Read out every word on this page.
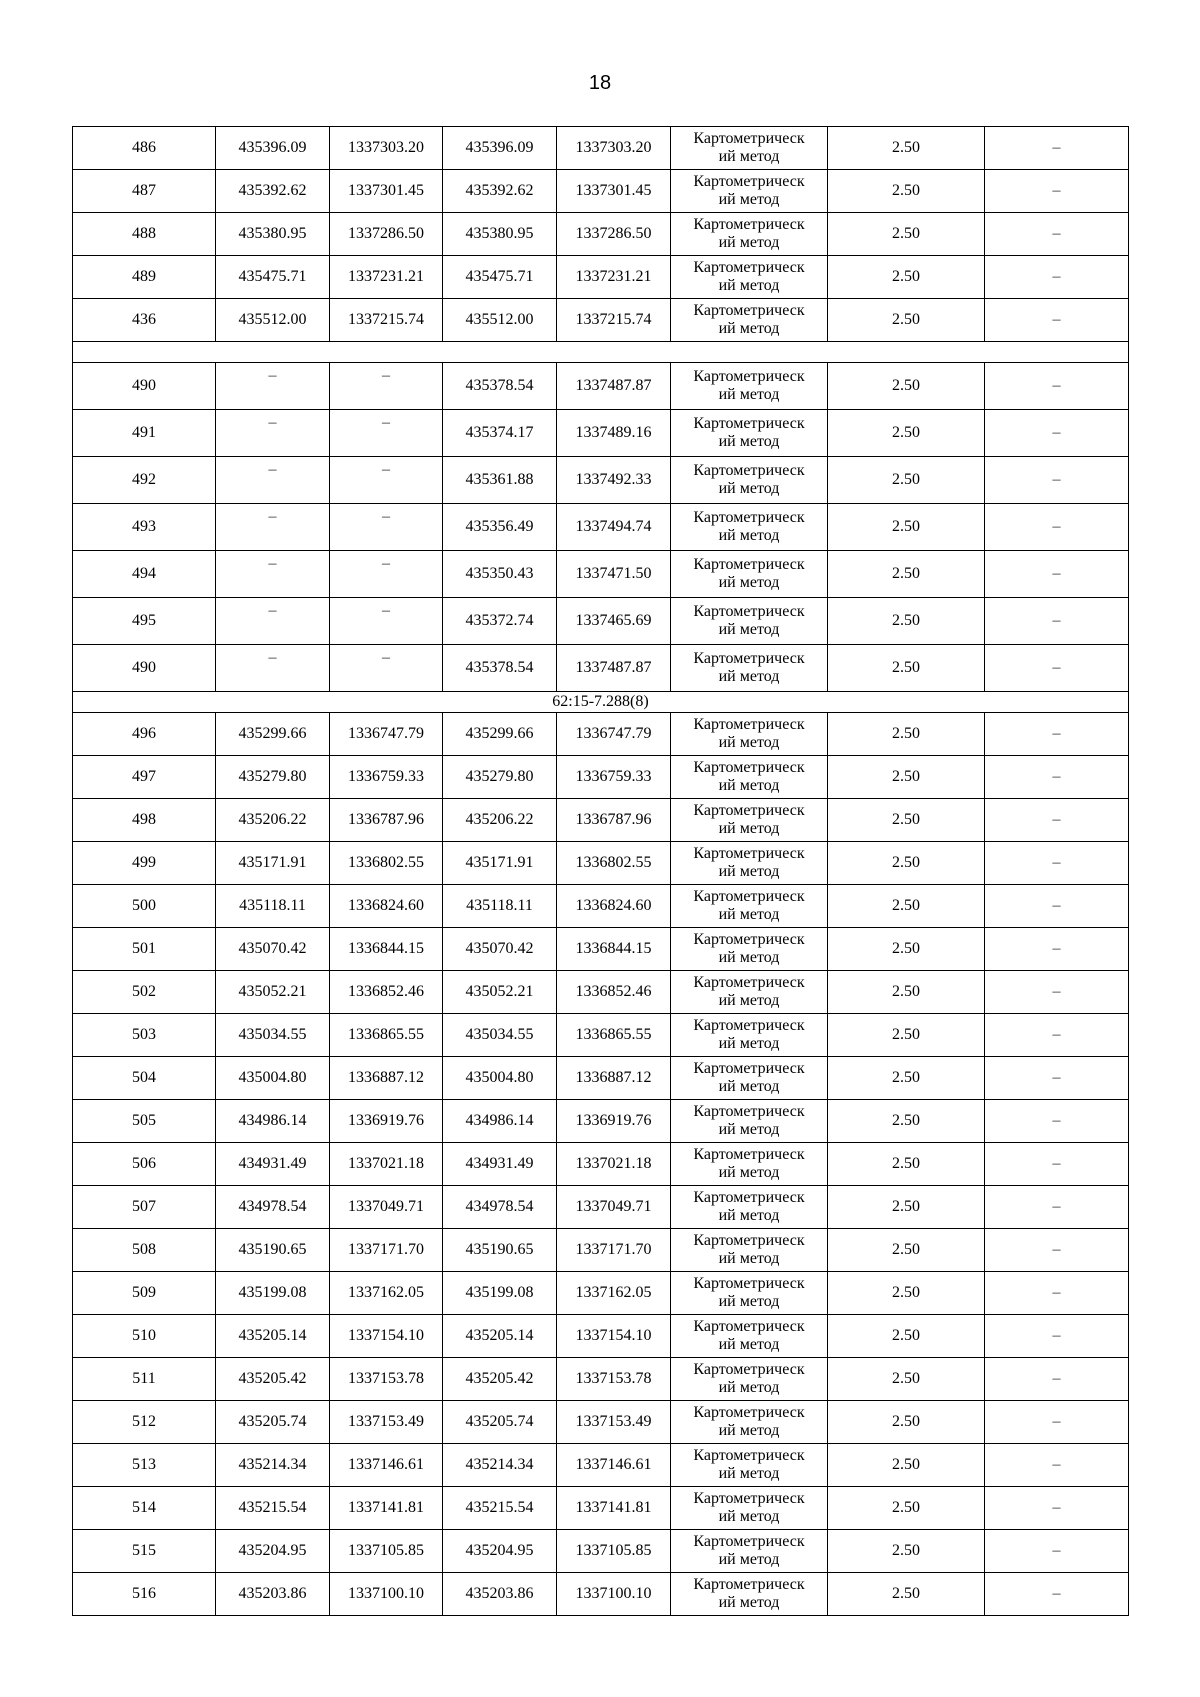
18
486	435396.09	1337303.20	435396.09	1337303.20	Картометрическ
ий метод	2.50	–
487	435392.62	1337301.45	435392.62	1337301.45	Картометрическ
ий метод	2.50	–
488	435380.95	1337286.50	435380.95	1337286.50	Картометрическ
ий метод	2.50	–
489	435475.71	1337231.21	435475.71	1337231.21	Картометрическ
ий метод	2.50	–
436	435512.00	1337215.74	435512.00	1337215.74	Картометрическ
ий метод	2.50	–

490	–	–	435378.54	1337487.87	Картометрическ
ий метод	2.50	–
491	–	–	435374.17	1337489.16	Картометрическ
ий метод	2.50	–
492	–	–	435361.88	1337492.33	Картометрическ
ий метод	2.50	–
493	–	–	435356.49	1337494.74	Картометрическ
ий метод	2.50	–
494	–	–	435350.43	1337471.50	Картометрическ
ий метод	2.50	–
495	–	–	435372.74	1337465.69	Картометрическ
ий метод	2.50	–
490	–	–	435378.54	1337487.87	Картометрическ
ий метод	2.50	–
62:15-7.288(8)							
496	435299.66	1336747.79	435299.66	1336747.79	Картометрическ
ий метод	2.50	–
497	435279.80	1336759.33	435279.80	1336759.33	Картометрическ
ий метод	2.50	–
498	435206.22	1336787.96	435206.22	1336787.96	Картометрическ
ий метод	2.50	–
499	435171.91	1336802.55	435171.91	1336802.55	Картометрическ
ий метод	2.50	–
500	435118.11	1336824.60	435118.11	1336824.60	Картометрическ
ий метод	2.50	–
501	435070.42	1336844.15	435070.42	1336844.15	Картометрическ
ий метод	2.50	–
502	435052.21	1336852.46	435052.21	1336852.46	Картометрическ
ий метод	2.50	–
503	435034.55	1336865.55	435034.55	1336865.55	Картометрическ
ий метод	2.50	–
504	435004.80	1336887.12	435004.80	1336887.12	Картометрическ
ий метод	2.50	–
505	434986.14	1336919.76	434986.14	1336919.76	Картометрическ
ий метод	2.50	–
506	434931.49	1337021.18	434931.49	1337021.18	Картометрическ
ий метод	2.50	–
507	434978.54	1337049.71	434978.54	1337049.71	Картометрическ
ий метод	2.50	–
508	435190.65	1337171.70	435190.65	1337171.70	Картометрическ
ий метод	2.50	–
509	435199.08	1337162.05	435199.08	1337162.05	Картометрическ
ий метод	2.50	–
510	435205.14	1337154.10	435205.14	1337154.10	Картометрическ
ий метод	2.50	–
511	435205.42	1337153.78	435205.42	1337153.78	Картометрическ
ий метод	2.50	–
512	435205.74	1337153.49	435205.74	1337153.49	Картометрическ
ий метод	2.50	–
513	435214.34	1337146.61	435214.34	1337146.61	Картометрическ
ий метод	2.50	–
514	435215.54	1337141.81	435215.54	1337141.81	Картометрическ
ий метод	2.50	–
515	435204.95	1337105.85	435204.95	1337105.85	Картометрическ
ий метод	2.50	–
516	435203.86	1337100.10	435203.86	1337100.10	Картометрическ
ий метод	2.50	–
